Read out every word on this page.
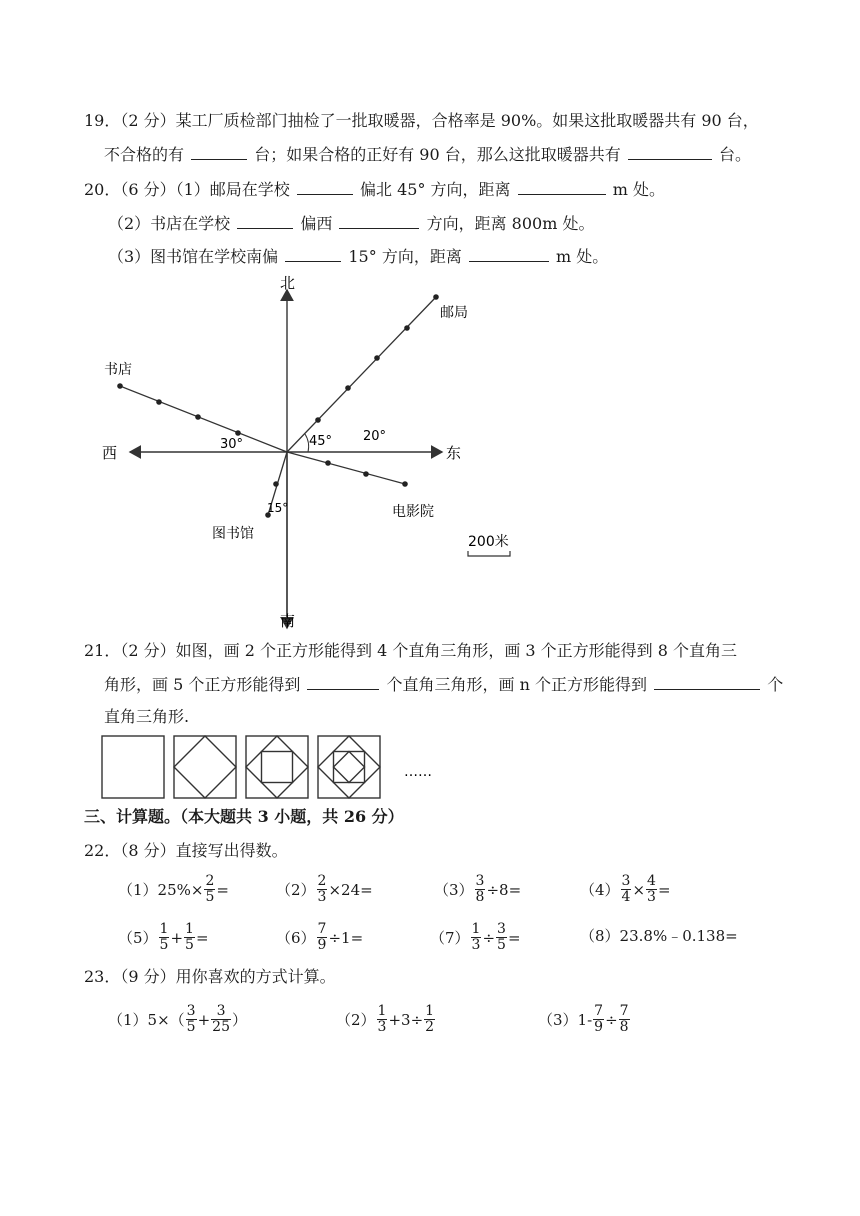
19．（2 分）某工厂质检部门抽检了一批取暖器，合格率是 90%。如果这批取暖器共有 90 台，
不合格的有	台；如果合格的正好有 90 台，那么这批取暖器共有	台。
20．（6 分）（1）邮局在学校	偏北 45° 方向，距离	m 处。
（2）书店在学校	偏西	方向，距离 800m 处。
（3）图书馆在学校南偏	15° 方向，距离	m 处。
北
南
东
西
邮局
45°
书店
30°
20°
电影院
15°
图书馆	200米
21．（2 分）如图，画 2 个正方形能得到 4 个直角三角形，画 3 个正方形能得到 8 个直角三
角形，画 5 个正方形能得到	个直角三角形，画 n 个正方形能得到	个
直角三角形.
……
三、计算题。（本大题共 3 小题，共 26 分）
22．（8 分）直接写出得数。
（1） $25\%\times \frac{2}{5}$ =	$(2) \frac{2}{3} \times 24=$	$(3) \frac{3}{8} \div 8=$	$(4) \frac{3}{4} \times \frac{4}{3}$ =
$(5) \frac{1}{5} + \frac{1}{5}$ =	$(6) \frac{7}{9} \div 1=$	$(7) \frac{1}{3} \div \frac{3}{5}$ =	（8） 23.8%﹣0.138=
23．（9 分）用你喜欢的方式计算。
（1） $5\times( \frac{3}{5} + \frac{3}{25}$ ）	$(2) \frac{1}{3} +3\div \frac{1}{2}$	（3） $1- \frac{7}{9} \div \frac{7}{8}$
